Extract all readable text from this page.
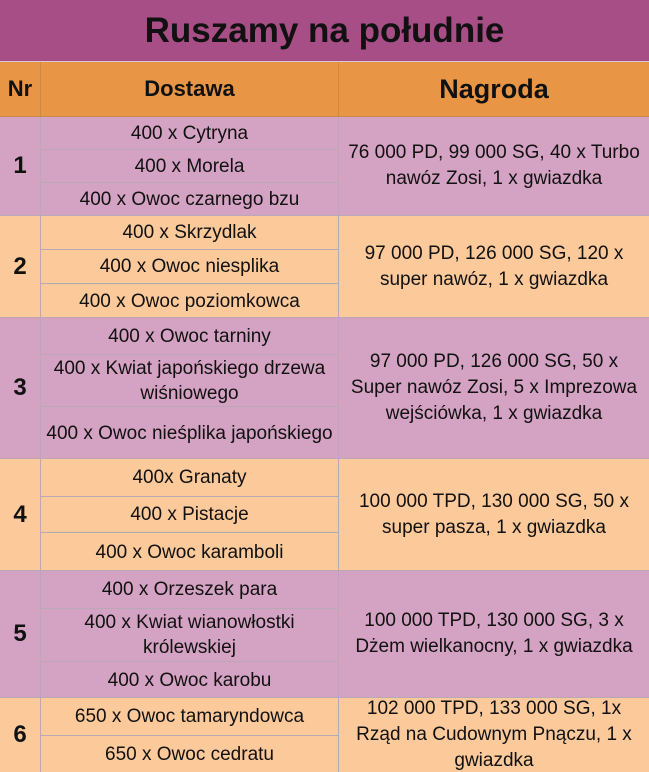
Ruszamy na południe
Nr	Dostawa	Nagroda
1
400 x Cytryna
400 x Morela
400 x Owoc czarnego bzu
76 000 PD, 99 000 SG, 40 x Turbo nawóz Zosi, 1 x gwiazdka
2
400 x Skrzydlak
400 x Owoc niesplika
400 x Owoc poziomkowca
97 000 PD, 126 000 SG, 120 x super nawóz, 1 x gwiazdka
3
400 x Owoc tarniny
400 x Kwiat japońskiego drzewa wiśniowego
400 x Owoc nieśplika japońskiego
97 000 PD, 126 000 SG, 50 x Super nawóz Zosi, 5 x Imprezowa wejściówka, 1 x gwiazdka
4
400x Granaty
400 x Pistacje
400 x Owoc karamboli
100 000 TPD, 130 000 SG, 50 x super pasza, 1 x gwiazdka
5
400 x Orzeszek para
400 x Kwiat wianowłostki królewskiej
400 x Owoc karobu
100 000 TPD, 130 000 SG, 3 x Dżem wielkanocny, 1 x gwiazdka
6
650 x Owoc tamaryndowca
650 x Owoc cedratu
102 000 TPD, 133 000 SG, 1x Rząd na Cudownym Pnączu, 1 x gwiazdka
